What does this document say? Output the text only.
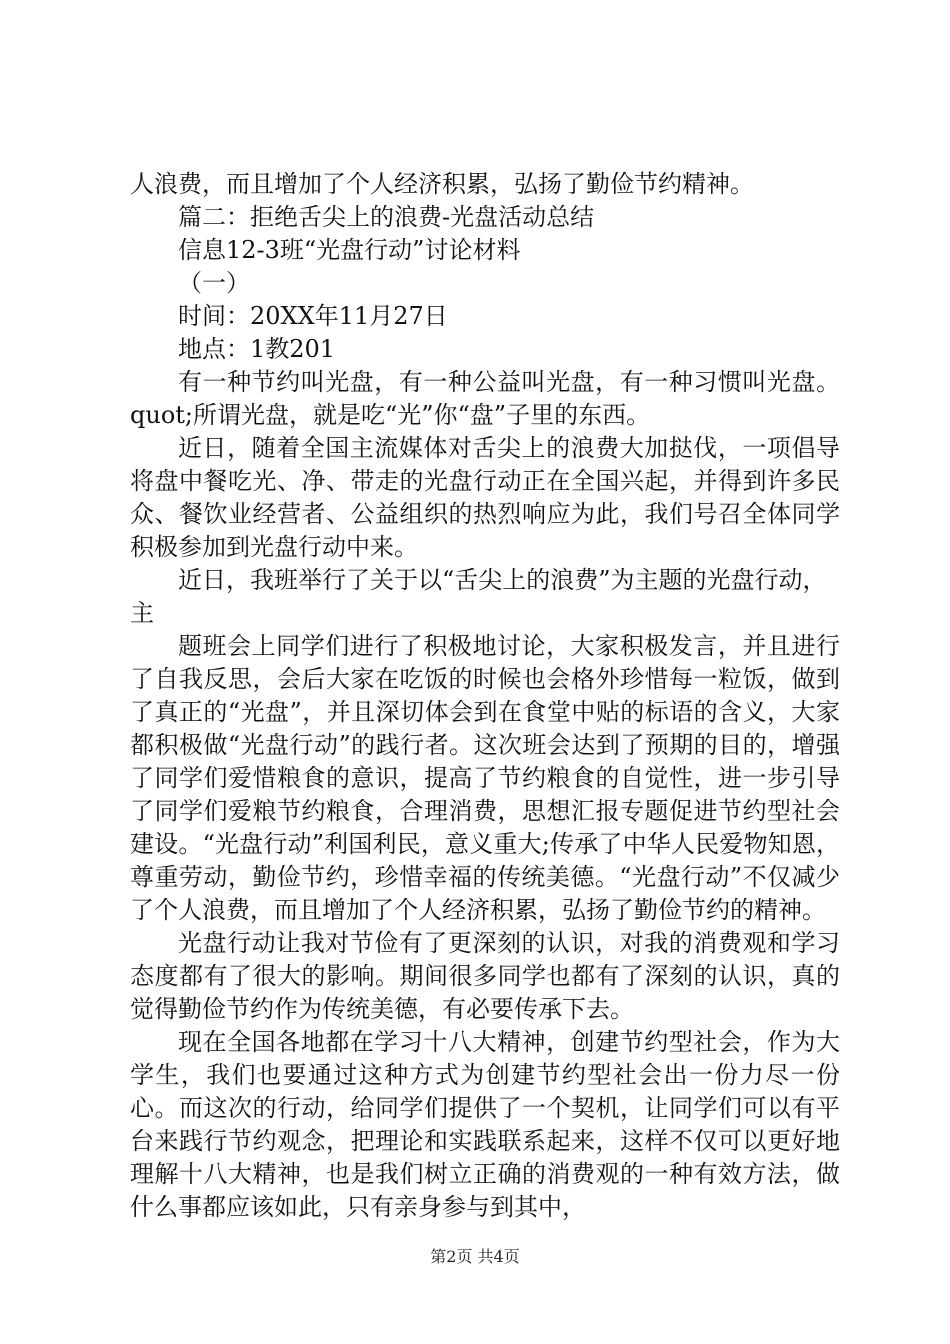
人浪费，而且增加了个人经济积累，弘扬了勤俭节约精神。

篇二：拒绝舌尖上的浪费-光盘活动总结

信息12-3班“光盘行动”讨论材料

（一）

时间：20XX年11月27日

地点：1教201

有一种节约叫光盘，有一种公益叫光盘，有一种习惯叫光盘。quot;所谓光盘，就是吃“光”你“盘”子里的东西。

近日，随着全国主流媒体对舌尖上的浪费大加挞伐，一项倡导将盘中餐吃光、净、带走的光盘行动正在全国兴起，并得到许多民众、餐饮业经营者、公益组织的热烈响应为此，我们号召全体同学积极参加到光盘行动中来。

近日，我班举行了关于以“舌尖上的浪费”为主题的光盘行动，主

题班会上同学们进行了积极地讨论，大家积极发言，并且进行了自我反思，会后大家在吃饭的时候也会格外珍惜每一粒饭，做到了真正的“光盘”，并且深切体会到在食堂中贴的标语的含义，大家都积极做“光盘行动”的践行者。这次班会达到了预期的目的，增强了同学们爱惜粮食的意识，提高了节约粮食的自觉性，进一步引导了同学们爱粮节约粮食，合理消费，思想汇报专题促进节约型社会建设。“光盘行动”利国利民，意义重大;传承了中华人民爱物知恩，尊重劳动，勤俭节约，珍惜幸福的传统美德。“光盘行动”不仅减少了个人浪费，而且增加了个人经济积累，弘扬了勤俭节约的精神。

光盘行动让我对节俭有了更深刻的认识，对我的消费观和学习态度都有了很大的影响。期间很多同学也都有了深刻的认识，真的觉得勤俭节约作为传统美德，有必要传承下去。

现在全国各地都在学习十八大精神，创建节约型社会，作为大学生，我们也要通过这种方式为创建节约型社会出一份力尽一份心。而这次的行动，给同学们提供了一个契机，让同学们可以有平台来践行节约观念，把理论和实践联系起来，这样不仅可以更好地理解十八大精神，也是我们树立正确的消费观的一种有效方法，做什么事都应该如此，只有亲身参与到其中，

第2页 共4页
